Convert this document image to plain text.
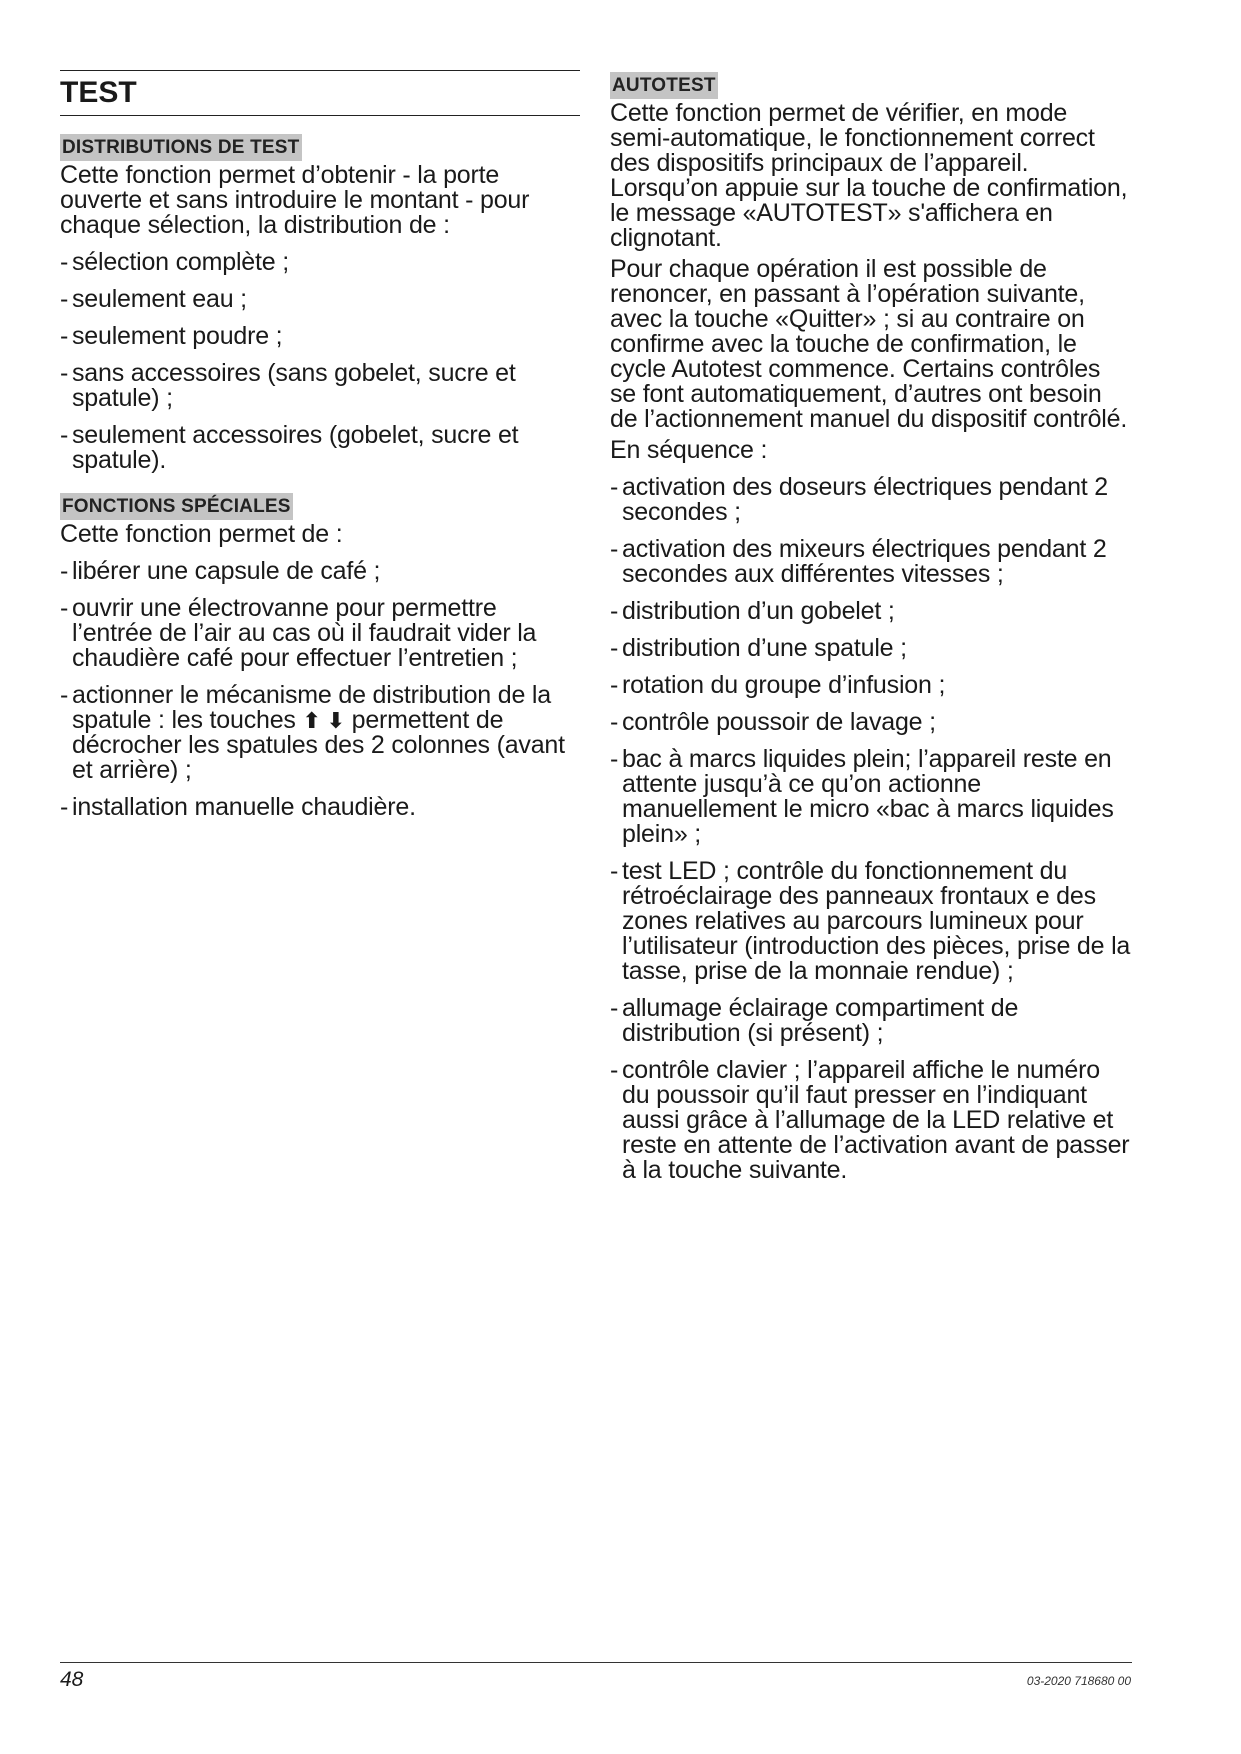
TEST
DISTRIBUTIONS DE TEST

Cette fonction permet d’obtenir - la porte ouverte et sans introduire le montant - pour chaque sélection, la distribution de :

- sélection complète ;
- seulement eau ;
- seulement poudre ;
- sans accessoires (sans gobelet, sucre et spatule) ;
- seulement accessoires (gobelet, sucre et spatule).
FONCTIONS SPÉCIALES

Cette fonction permet de :

- libérer une capsule de café ;
- ouvrir une électrovanne pour permettre l’entrée de l’air au cas où il faudrait vider la chaudière café pour effectuer l’entretien ;
- actionner le mécanisme de distribution de la spatule : les touches ⬆ ⬇ permettent de décrocher les spatules des 2 colonnes (avant et arrière) ;
- installation manuelle chaudière.
AUTOTEST

Cette fonction permet de vérifier, en mode semi-automatique, le fonctionnement correct des dispositifs principaux de l’appareil. Lorsqu’on appuie sur la touche de confirmation, le message «AUTOTEST» s'affichera en clignotant.

Pour chaque opération il est possible de renoncer, en passant à l’opération suivante, avec la touche «Quitter» ; si au contraire on confirme avec la touche de confirmation, le cycle Autotest commence. Certains contrôles se font automatiquement, d’autres ont besoin de l’actionnement manuel du dispositif contrôlé.

En séquence :

- activation des doseurs électriques pendant 2 secondes ;
- activation des mixeurs électriques pendant 2 secondes aux différentes vitesses ;
- distribution d’un gobelet ;
- distribution d’une spatule ;
- rotation du groupe d’infusion ;
- contrôle poussoir de lavage ;
- bac à marcs liquides plein; l’appareil reste en attente jusqu’à ce qu’on actionne manuellement le micro «bac à marcs liquides plein» ;
- test LED ; contrôle du fonctionnement du rétroéclairage des panneaux frontaux e des zones relatives au parcours lumineux pour l’utilisateur (introduction des pièces, prise de la tasse, prise de la monnaie rendue) ;
- allumage éclairage compartiment de distribution (si présent) ;
- contrôle clavier ; l’appareil affiche le numéro du poussoir qu’il faut presser en l’indiquant aussi grâce à l’allumage de la LED relative et reste en attente de l’activation avant de passer à la touche suivante.
48	03-2020 718680 00
